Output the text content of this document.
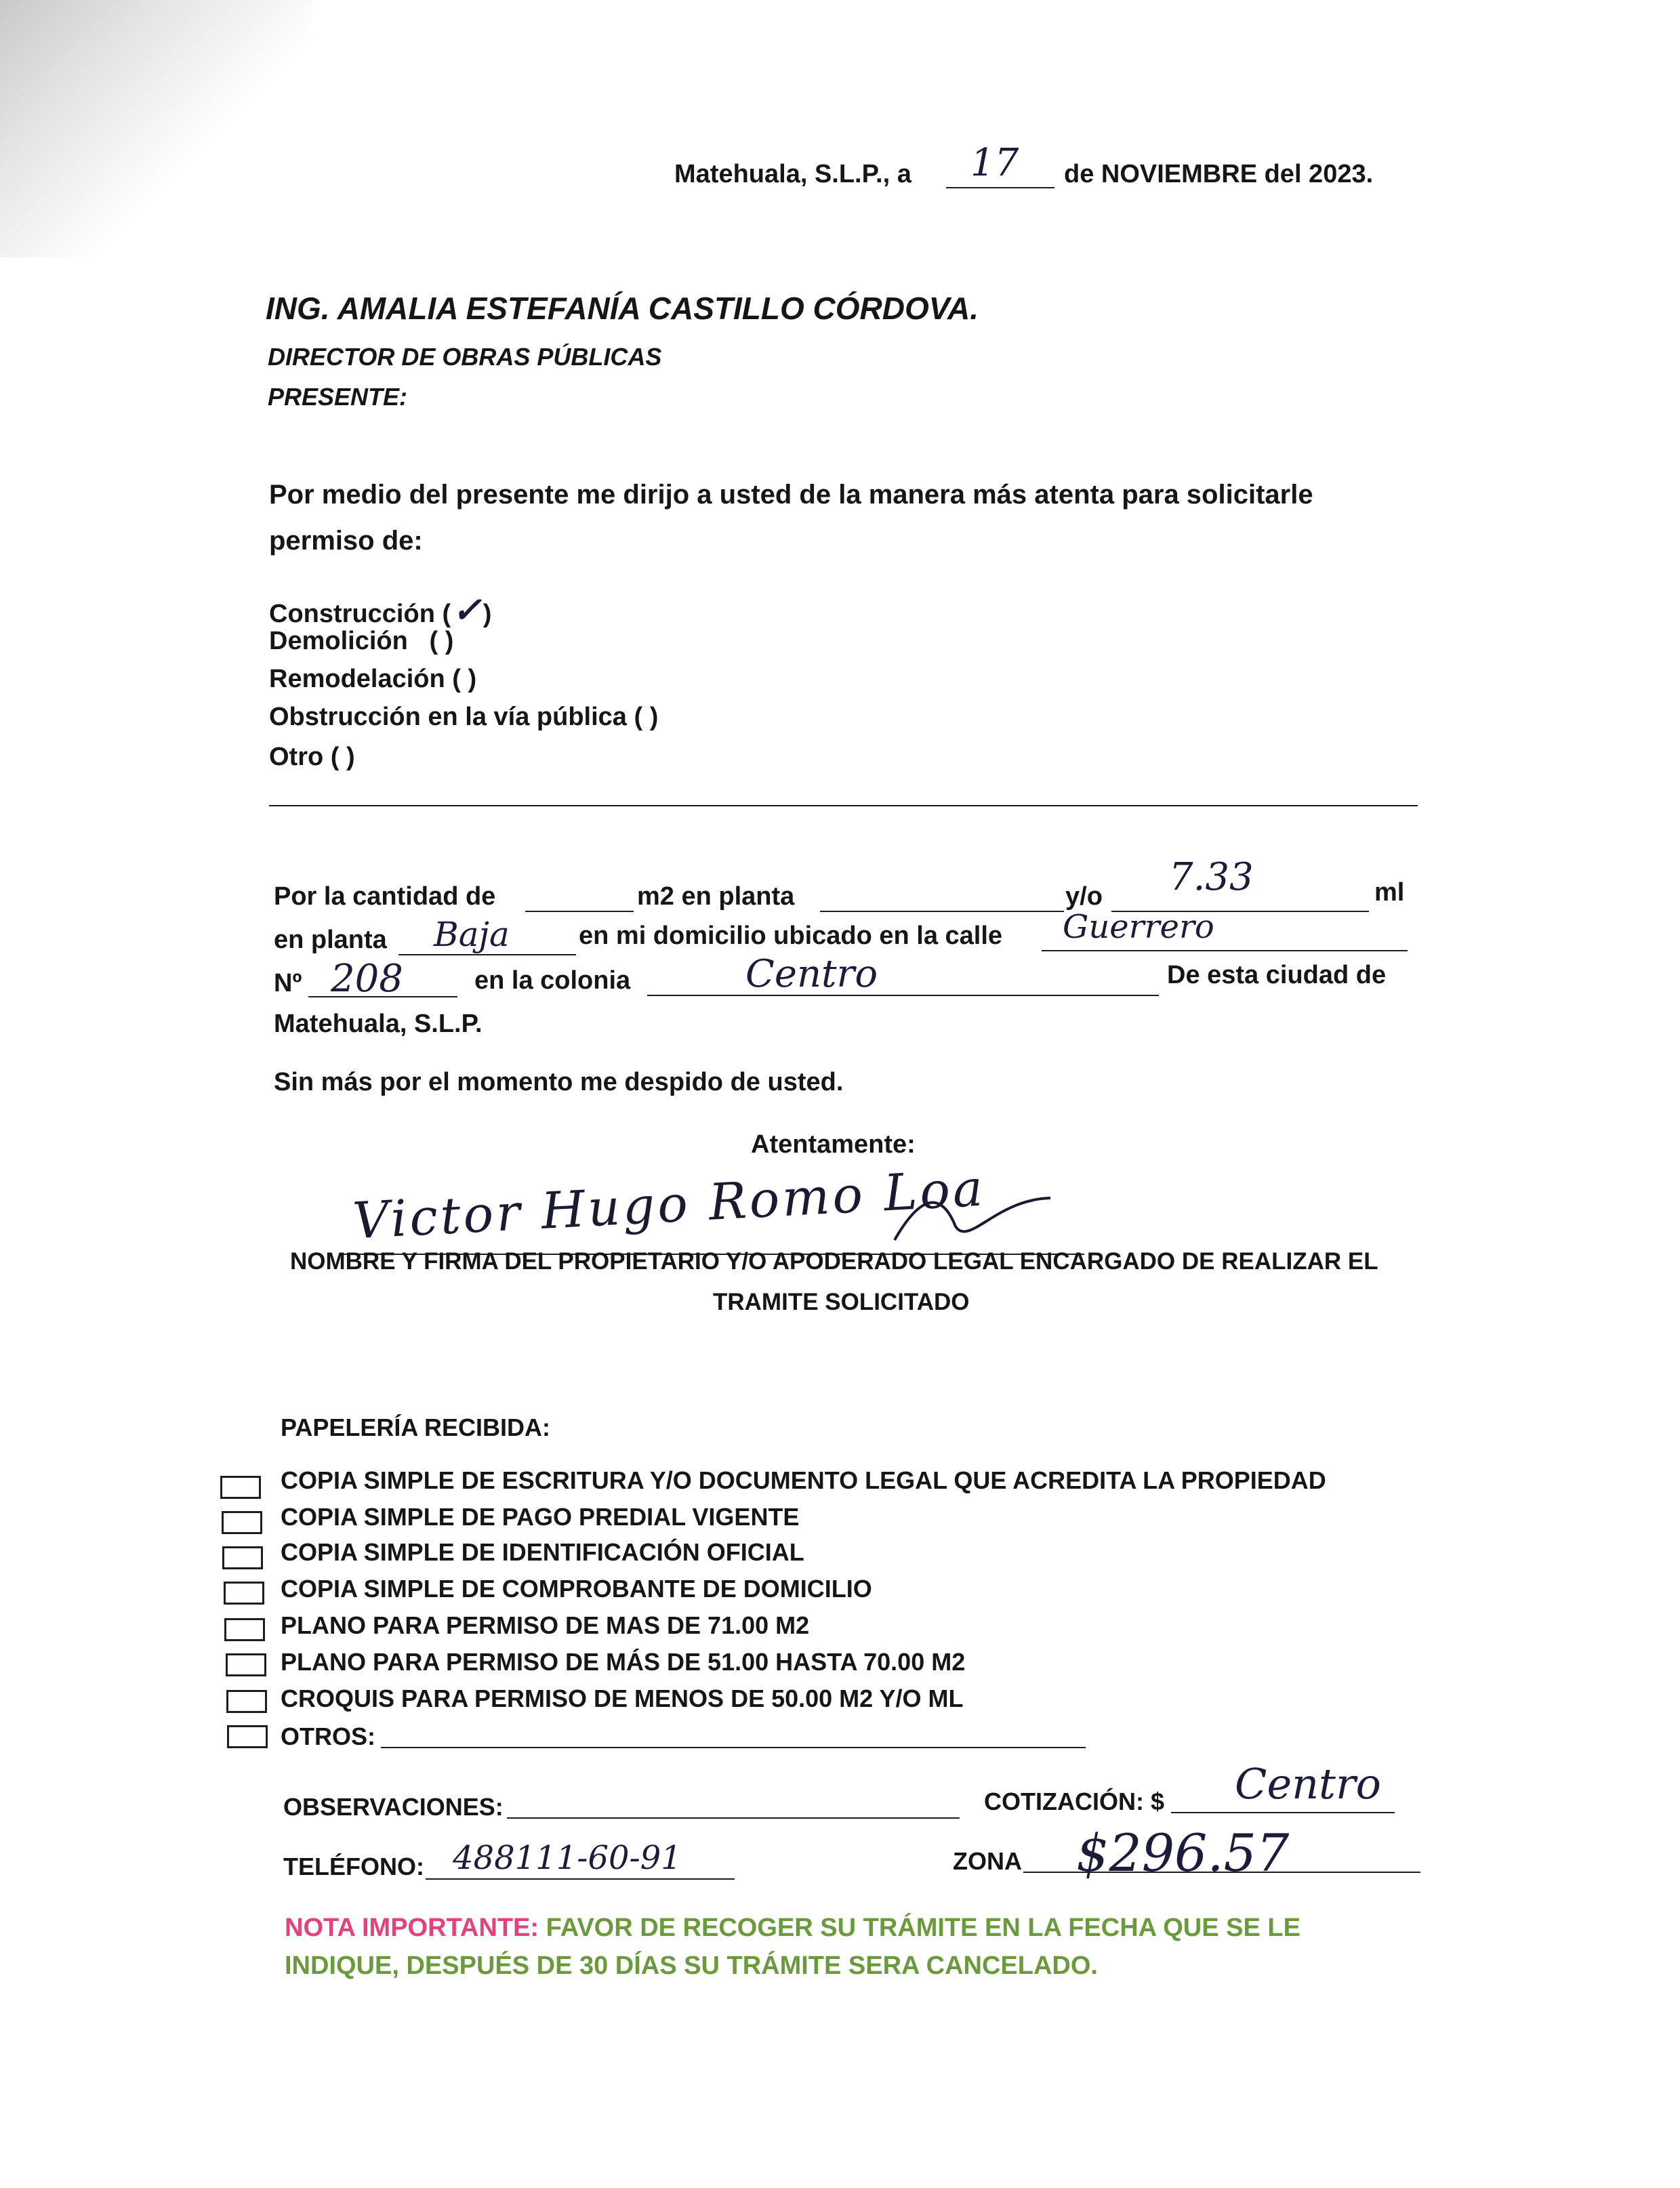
Matehuala, S.L.P., a 17 de NOVIEMBRE del 2023.
ING. AMALIA ESTEFANÍA CASTILLO CÓRDOVA.
DIRECTOR DE OBRAS PÚBLICAS
PRESENTE:
Por medio del presente me dirijo a usted de la manera más atenta para solicitarle
permiso de:
Construcción (✓)
Demolición ( )
Remodelación ( )
Obstrucción en la vía pública ( )
Otro ( )
Por la cantidad de	m2 en planta	y/o 7.33	ml
en planta Baja	en mi domicilio ubicado en la calle Guerrero
Nº 208	en la colonia	Centro	De esta ciudad de
Matehuala, S.L.P.
Sin más por el momento me despido de usted.
Atentamente:
Victor Hugo Romo Loa
NOMBRE Y FIRMA DEL PROPIETARIO Y/O APODERADO LEGAL ENCARGADO DE REALIZAR EL
TRAMITE SOLICITADO
PAPELERÍA RECIBIDA:
COPIA SIMPLE DE ESCRITURA Y/O DOCUMENTO LEGAL QUE ACREDITA LA PROPIEDAD
COPIA SIMPLE DE PAGO PREDIAL VIGENTE
COPIA SIMPLE DE IDENTIFICACIÓN OFICIAL
COPIA SIMPLE DE COMPROBANTE DE DOMICILIO
PLANO PARA PERMISO DE MAS DE 71.00 M2
PLANO PARA PERMISO DE MÁS DE 51.00 HASTA 70.00 M2
CROQUIS PARA PERMISO DE MENOS DE 50.00 M2 Y/O ML
OTROS:
OBSERVACIONES:	COTIZACIÓN: $ Centro
TELÉFONO: 488111-60-91	ZONA $296.57
NOTA IMPORTANTE: FAVOR DE RECOGER SU TRÁMITE EN LA FECHA QUE SE LE
INDIQUE, DESPUÉS DE 30 DÍAS SU TRÁMITE SERA CANCELADO.
